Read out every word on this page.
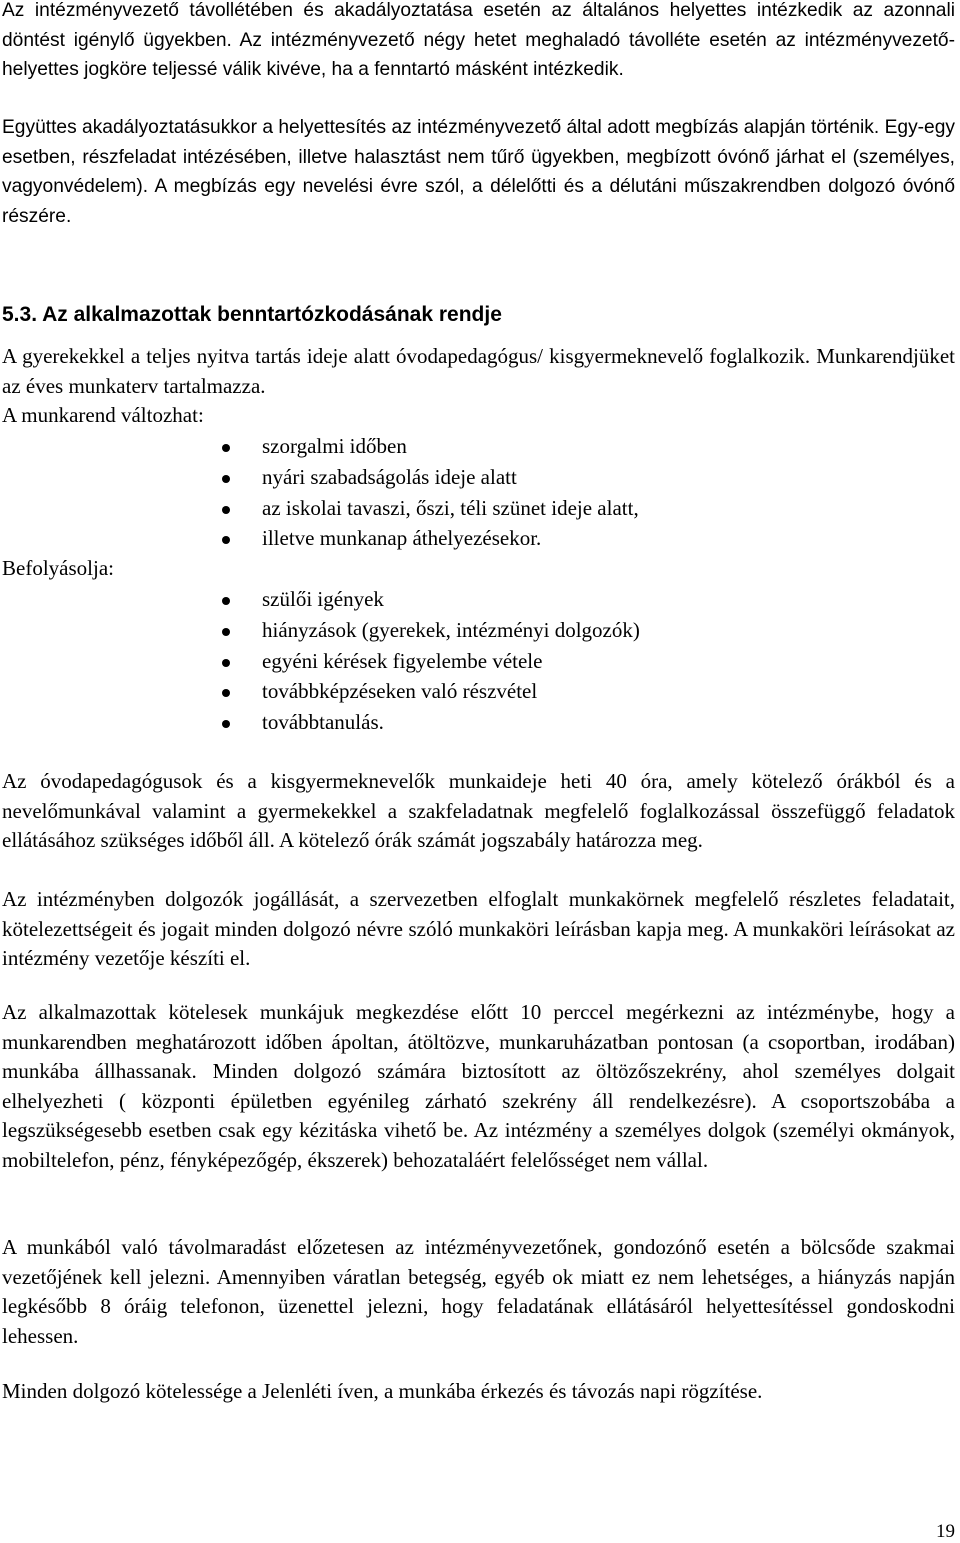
Az intézményvezető távollétében és akadályoztatása esetén az általános helyettes intézkedik az azonnali döntést igénylő ügyekben. Az intézményvezető négy hetet meghaladó távolléte esetén az intézményvezető-helyettes jogköre teljessé válik kivéve, ha a fenntartó másként intézkedik.

Együttes akadályoztatásukkor a helyettesítés az intézményvezető által adott megbízás alapján történik. Egy-egy esetben, részfeladat intézésében, illetve halasztást nem tűrő ügyekben, megbízott óvónő járhat el (személyes, vagyonvédelem). A megbízás egy nevelési évre szól, a délelőtti és a délutáni műszakrendben dolgozó óvónő részére.

5.3. Az alkalmazottak benntartózkodásának rendje

A gyerekekkel a teljes nyitva tartás ideje alatt óvodapedagógus/ kisgyermeknevelő foglalkozik. Munkarendjüket az éves munkaterv tartalmazza.

A munkarend változhat:
szorgalmi időben
nyári szabadságolás ideje alatt
az iskolai tavaszi, őszi, téli szünet ideje alatt,
illetve munkanap áthelyezésekor.
Befolyásolja:
szülői igények
hiányzások (gyerekek, intézményi dolgozók)
egyéni kérések figyelembe vétele
továbbképzéseken való részvétel
továbbtanulás.

Az óvodapedagógusok és a kisgyermeknevelők munkaideje heti 40 óra, amely kötelező órákból és a nevelőmunkával valamint a gyermekekkel a szakfeladatnak megfelelő foglalkozással összefüggő feladatok ellátásához szükséges időből áll. A kötelező órák számát jogszabály határozza meg.

Az intézményben dolgozók jogállását, a szervezetben elfoglalt munkakörnek megfelelő részletes feladatait, kötelezettségeit és jogait minden dolgozó névre szóló munkaköri leírásban kapja meg. A munkaköri leírásokat az intézmény vezetője készíti el.

Az alkalmazottak kötelesek munkájuk megkezdése előtt 10 perccel megérkezni az intézménybe, hogy a munkarendben meghatározott időben ápoltan, átöltözve, munkaruházatban pontosan (a csoportban, irodában) munkába állhassanak. Minden dolgozó számára biztosított az öltözőszekrény, ahol személyes dolgait elhelyezheti ( központi épületben egyénileg zárható szekrény áll rendelkezésre). A csoportszobába a legszükségesebb esetben csak egy kézitáska vihető be. Az intézmény a személyes dolgok (személyi okmányok, mobiltelefon, pénz, fényképezőgép, ékszerek) behozataláért felelősséget nem vállal.

A munkából való távolmaradást előzetesen az intézményvezetőnek, gondozónő esetén a bölcsőde szakmai vezetőjének kell jelezni. Amennyiben váratlan betegség, egyéb ok miatt ez nem lehetséges, a hiányzás napján legkésőbb 8 óráig telefonon, üzenettel jelezni, hogy feladatának ellátásáról helyettesítéssel gondoskodni lehessen.

Minden dolgozó kötelessége a Jelenléti íven, a munkába érkezés és távozás napi rögzítése.

19
